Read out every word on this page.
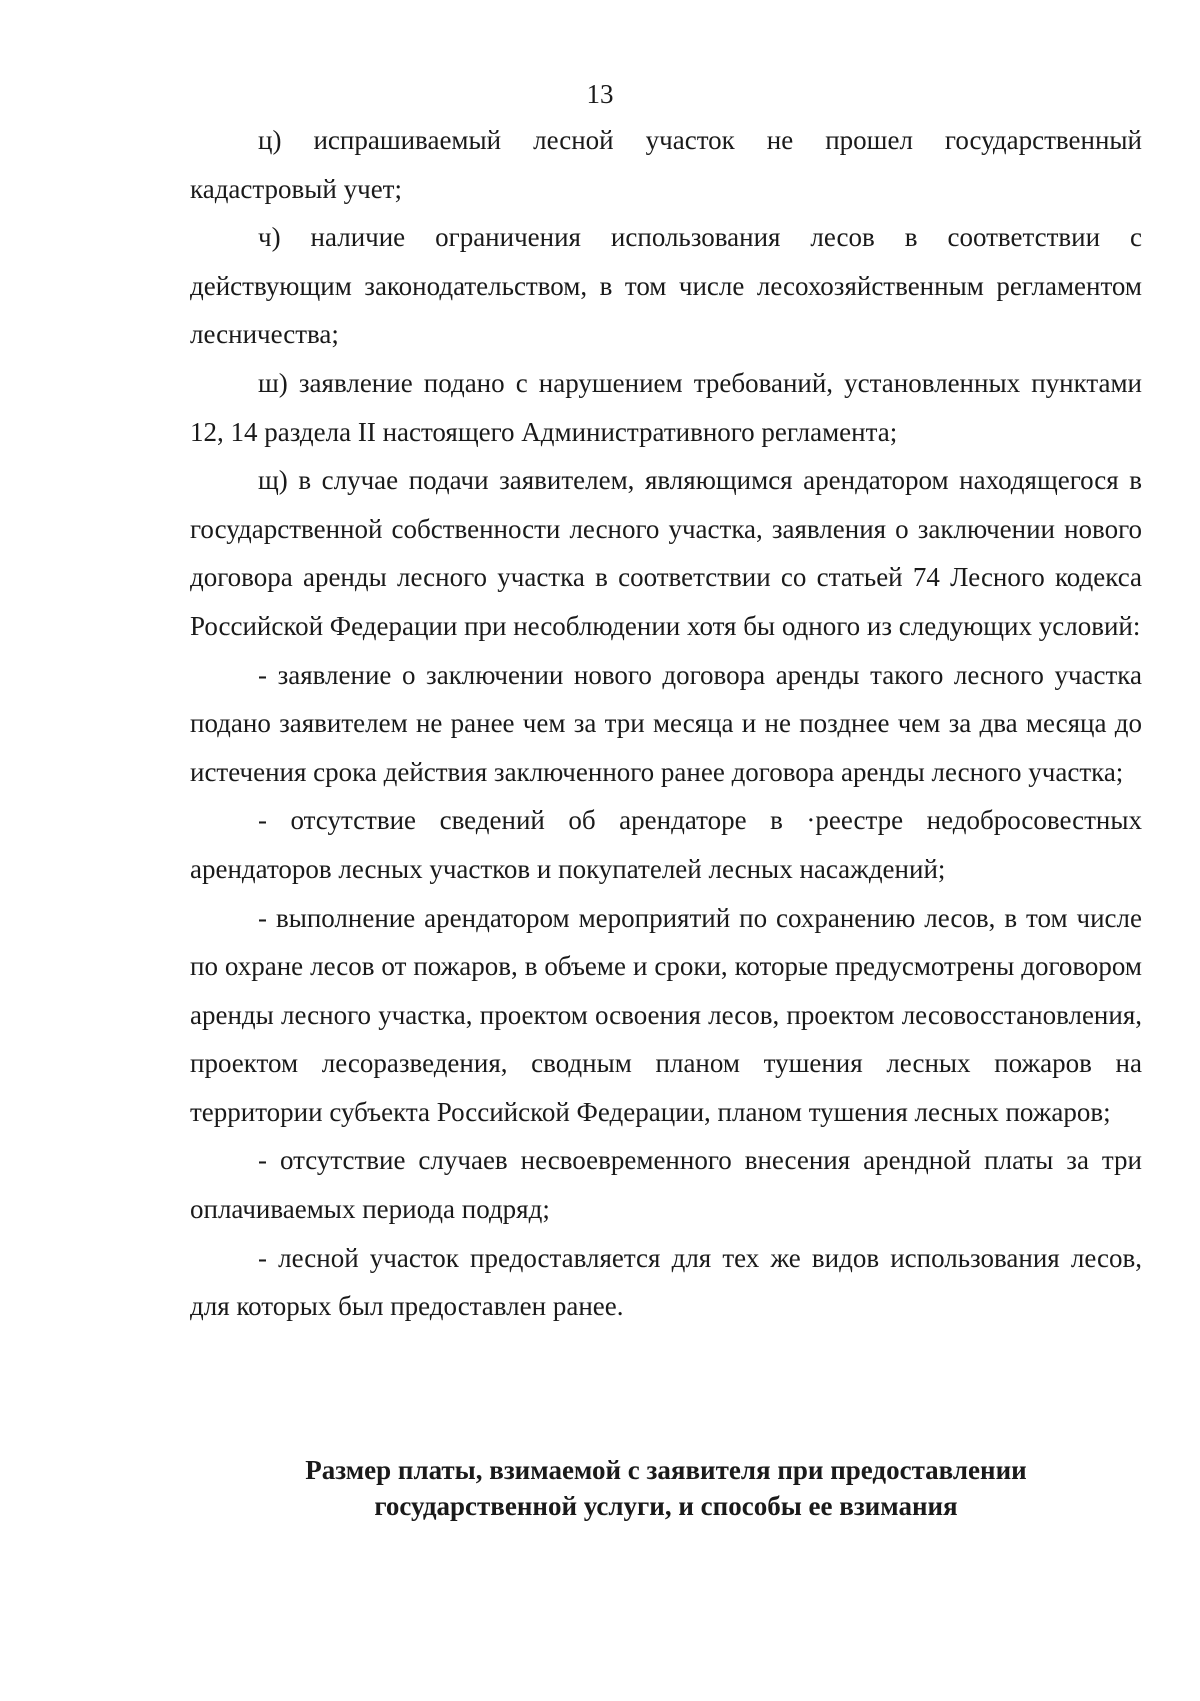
13

ц) испрашиваемый лесной участок не прошел государственный кадастровый учет;

ч) наличие ограничения использования лесов в соответствии с действующим законодательством, в том числе лесохозяйственным регламентом лесничества;

ш) заявление подано с нарушением требований, установленных пунктами 12, 14 раздела II настоящего Административного регламента;

щ) в случае подачи заявителем, являющимся арендатором находящегося в государственной собственности лесного участка, заявления о заключении нового договора аренды лесного участка в соответствии со статьей 74 Лесного кодекса Российской Федерации при несоблюдении хотя бы одного из следующих условий:

- заявление о заключении нового договора аренды такого лесного участка подано заявителем не ранее чем за три месяца и не позднее чем за два месяца до истечения срока действия заключенного ранее договора аренды лесного участка;

- отсутствие сведений об арендаторе в ·реестре недобросовестных арендаторов лесных участков и покупателей лесных насаждений;

- выполнение арендатором мероприятий по сохранению лесов, в том числе по охране лесов от пожаров, в объеме и сроки, которые предусмотрены договором аренды лесного участка, проектом освоения лесов, проектом лесовосстановления, проектом лесоразведения, сводным планом тушения лесных пожаров на территории субъекта Российской Федерации, планом тушения лесных пожаров;

- отсутствие случаев несвоевременного внесения арендной платы за три оплачиваемых периода подряд;

- лесной участок предоставляется для тех же видов использования лесов, для которых был предоставлен ранее.

Размер платы, взимаемой с заявителя при предоставлении
государственной услуги, и способы ее взимания
